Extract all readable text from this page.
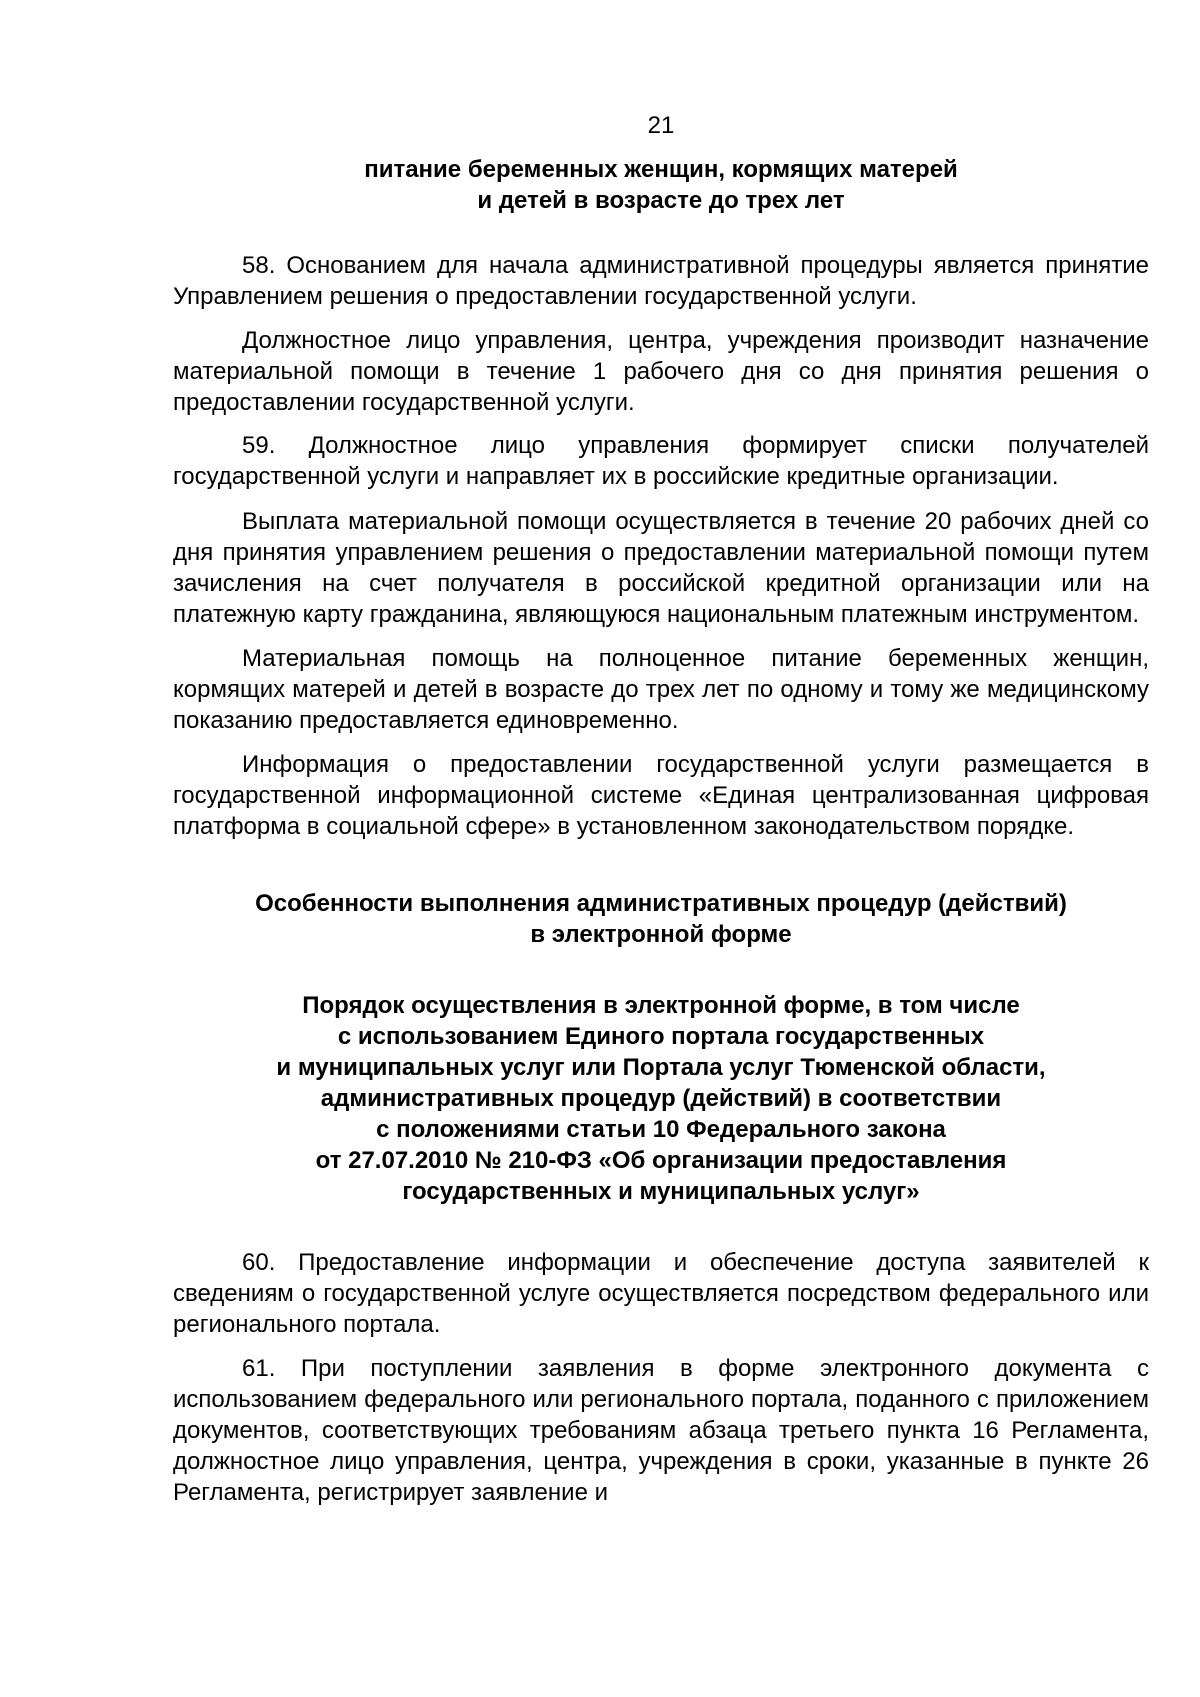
21
питание беременных женщин, кормящих матерей
и детей в возрасте до трех лет

58. Основанием для начала административной процедуры является принятие Управлением решения о предоставлении государственной услуги.

Должностное лицо управления, центра, учреждения производит назначение материальной помощи в течение 1 рабочего дня со дня принятия решения о предоставлении государственной услуги.

59. Должностное лицо управления формирует списки получателей государственной услуги и направляет их в российские кредитные организации.

Выплата материальной помощи осуществляется в течение 20 рабочих дней со дня принятия управлением решения о предоставлении материальной помощи путем зачисления на счет получателя в российской кредитной организации или на платежную карту гражданина, являющуюся национальным платежным инструментом.

Материальная помощь на полноценное питание беременных женщин, кормящих матерей и детей в возрасте до трех лет по одному и тому же медицинскому показанию предоставляется единовременно.

Информация о предоставлении государственной услуги размещается в государственной информационной системе «Единая централизованная цифровая платформа в социальной сфере» в установленном законодательством порядке.

Особенности выполнения административных процедур (действий)
в электронной форме
Порядок осуществления в электронной форме, в том числе
с использованием Единого портала государственных
и муниципальных услуг или Портала услуг Тюменской области,
административных процедур (действий) в соответствии
с положениями статьи 10 Федерального закона
от 27.07.2010 № 210-ФЗ «Об организации предоставления
государственных и муниципальных услуг»

60. Предоставление информации и обеспечение доступа заявителей к сведениям о государственной услуге осуществляется посредством федерального или регионального портала.

61. При поступлении заявления в форме электронного документа с использованием федерального или регионального портала, поданного с приложением документов, соответствующих требованиям абзаца третьего пункта 16 Регламента, должностное лицо управления, центра, учреждения в сроки, указанные в пункте 26 Регламента, регистрирует заявление и
